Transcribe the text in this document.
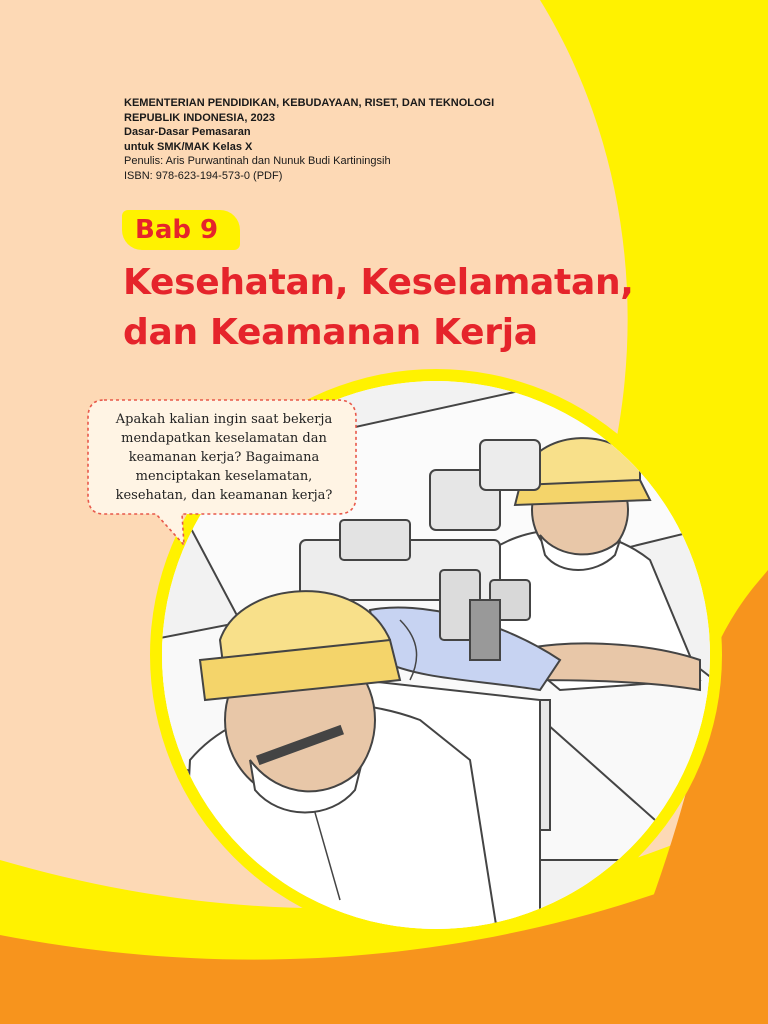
KEMENTERIAN PENDIDIKAN, KEBUDAYAAN, RISET, DAN TEKNOLOGI
REPUBLIK INDONESIA, 2023
Dasar-Dasar Pemasaran
untuk SMK/MAK Kelas X
Penulis: Aris Purwantinah dan Nunuk Budi Kartiningsih
ISBN: 978-623-194-573-0 (PDF)
Bab 9
Kesehatan, Keselamatan,
dan Keamanan Kerja
Apakah kalian ingin saat bekerja
mendapatkan keselamatan dan
keamanan kerja? Bagaimana
menciptakan keselamatan,
kesehatan, dan keamanan kerja?
